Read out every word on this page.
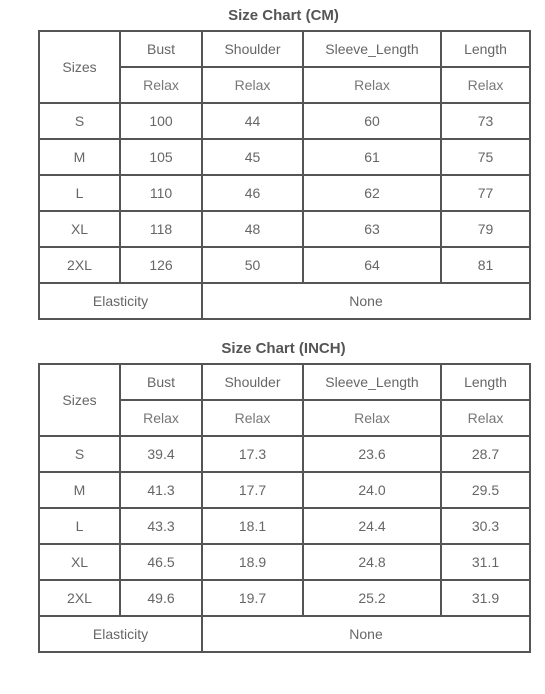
Size Chart (CM)
Sizes	Bust	Shoulder	Sleeve_Length	Length
	Relax	Relax	Relax	Relax
S	100	44	60	73
M	105	45	61	75
L	110	46	62	77
XL	118	48	63	79
2XL	126	50	64	81
Elasticity		None		
Size Chart (INCH)
Sizes	Bust	Shoulder	Sleeve_Length	Length
	Relax	Relax	Relax	Relax
S	39.4	17.3	23.6	28.7
M	41.3	17.7	24.0	29.5
L	43.3	18.1	24.4	30.3
XL	46.5	18.9	24.8	31.1
2XL	49.6	19.7	25.2	31.9
Elasticity		None		
